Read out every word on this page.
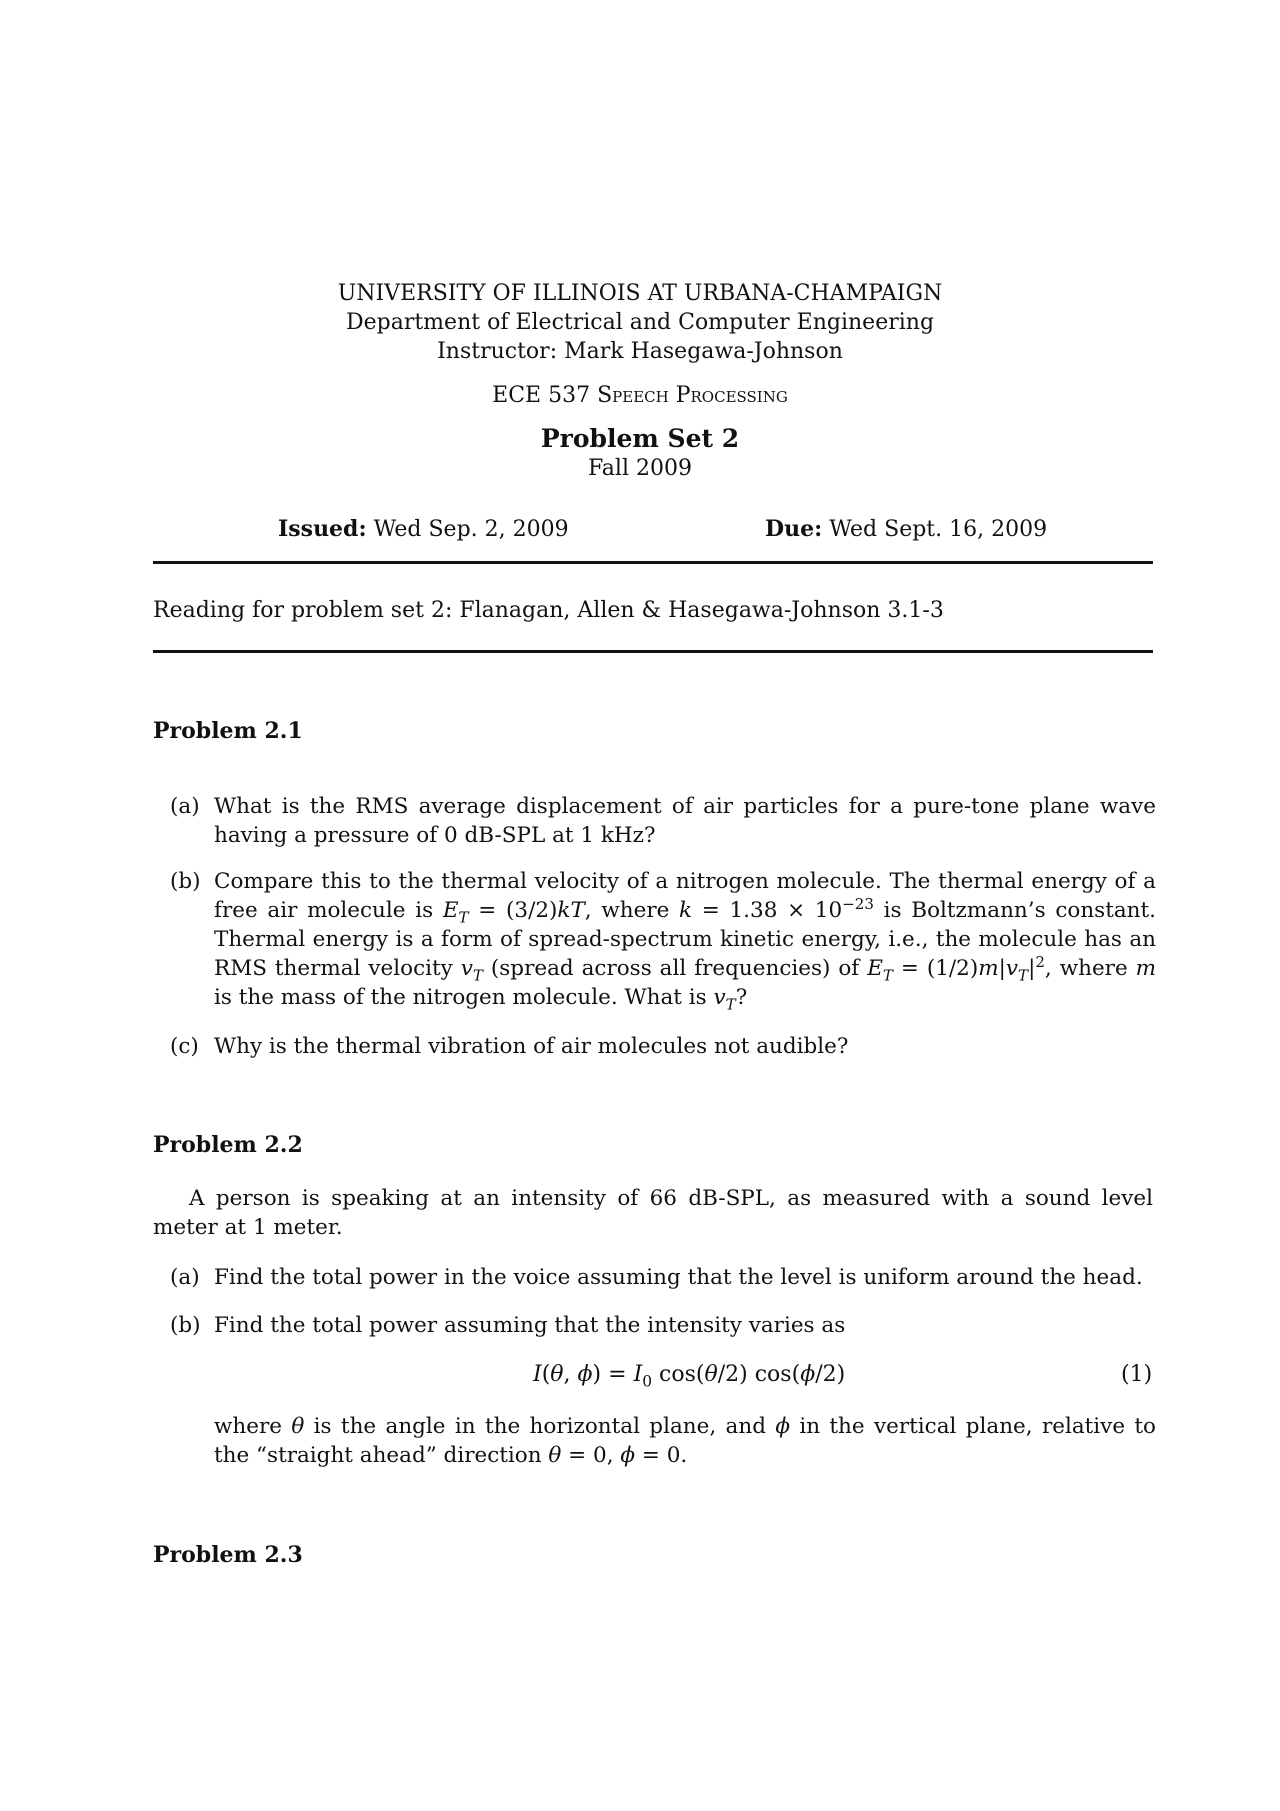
UNIVERSITY OF ILLINOIS AT URBANA-CHAMPAIGN
Department of Electrical and Computer Engineering
Instructor: Mark Hasegawa-Johnson
ECE 537 Speech Processing
Problem Set 2
Fall 2009
Issued: Wed Sep. 2, 2009	Due: Wed Sept. 16, 2009
Reading for problem set 2: Flanagan, Allen & Hasegawa-Johnson 3.1-3
Problem 2.1
(a) What is the RMS average displacement of air particles for a pure-tone plane wave having a pressure of 0 dB-SPL at 1 kHz?
(b) Compare this to the thermal velocity of a nitrogen molecule. The thermal energy of a free air molecule is $E_T = (3/2)kT$, where $k = 1.38 \times 10^{-23}$ is Boltzmann’s constant. Thermal energy is a form of spread-spectrum kinetic energy, i.e., the molecule has an RMS thermal velocity $v_T$ (spread across all frequencies) of $E_T = (1/2)m|v_T|^2$, where m is the mass of the nitrogen molecule. What is $v_T$?
(c) Why is the thermal vibration of air molecules not audible?
Problem 2.2
A person is speaking at an intensity of 66 dB-SPL, as measured with a sound level meter at 1 meter.
(a) Find the total power in the voice assuming that the level is uniform around the head.
(b) Find the total power assuming that the intensity varies as
I(θ, $\phi) = I_0$ cos(θ/2) cos(ϕ/2)	(1)
where θ is the angle in the horizontal plane, and ϕ in the vertical plane, relative to the “straight ahead” direction θ = 0, ϕ = 0.
Problem 2.3
